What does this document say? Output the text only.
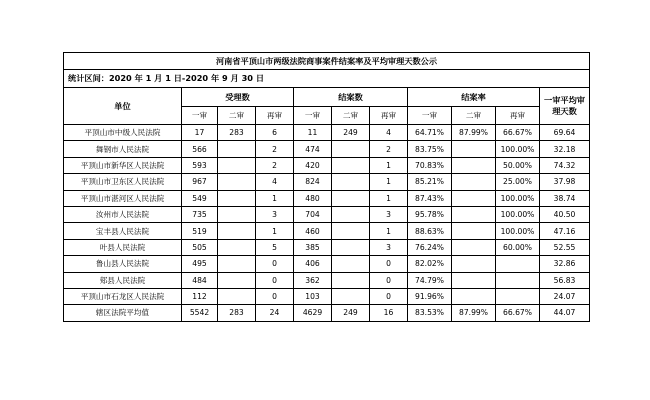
河南省平顶山市两级法院商事案件结案率及平均审理天数公示										
统计区间：2020 年 1 月 1 日-2020 年 9 月 30 日										
单位	受理数			结案数			结案率			一审平均审理天数
	一审	二审	再审	一审	二审	再审	一审	二审	再审	
平顶山市中级人民法院	17	283	6	11	249	4	64.71%	87.99%	66.67%	69.64
舞钢市人民法院	566		2	474		2	83.75%		100.00%	32.18
平顶山市新华区人民法院	593		2	420		1	70.83%		50.00%	74.32
平顶山市卫东区人民法院	967		4	824		1	85.21%		25.00%	37.98
平顶山市湛河区人民法院	549		1	480		1	87.43%		100.00%	38.74
汝州市人民法院	735		3	704		3	95.78%		100.00%	40.50
宝丰县人民法院	519		1	460		1	88.63%		100.00%	47.16
叶县人民法院	505		5	385		3	76.24%		60.00%	52.55
鲁山县人民法院	495		0	406		0	82.02%			32.86
郏县人民法院	484		0	362		0	74.79%			56.83
平顶山市石龙区人民法院	112		0	103		0	91.96%			24.07
辖区法院平均值	5542	283	24	4629	249	16	83.53%	87.99%	66.67%	44.07
